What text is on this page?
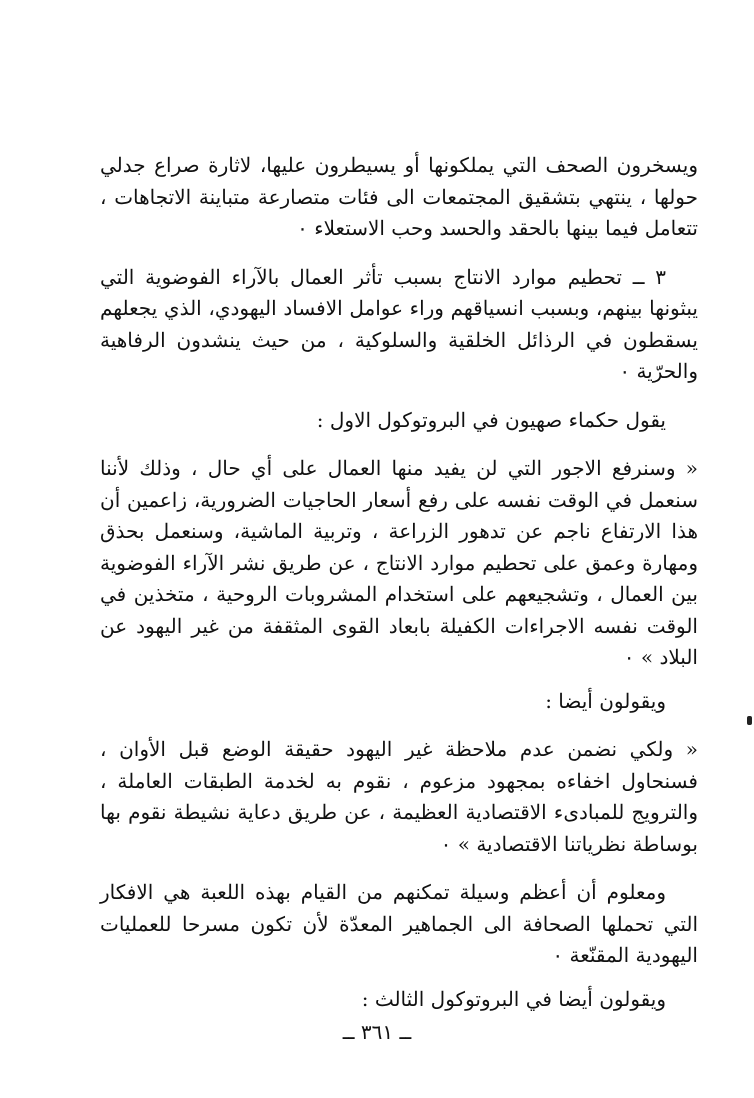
ويسخرون الصحف التي يملكونها أو يسيطرون عليها، لاثارة صراع جدلي حولها ، ينتهي بتشقيق المجتمعات الى فئات متصارعة متباينة الاتجاهات ، تتعامل فيما بينها بالحقد والحسد وحب الاستعلاء ٠

٣ ــ تحطيم موارد الانتاج بسبب تأثر العمال بالآراء الفوضوية التي يبثونها بينهم، وبسبب انسياقهم وراء عوامل الافساد اليهودي، الذي يجعلهم يسقطون في الرذائل الخلقية والسلوكية ، من حيث ينشدون الرفاهية والحرّية ٠

يقول حكماء صهيون في البروتوكول الاول :

« وسنرفع الاجور التي لن يفيد منها العمال على أي حال ، وذلك لأننا سنعمل في الوقت نفسه على رفع أسعار الحاجيات الضرورية، زاعمين أن هذا الارتفاع ناجم عن تدهور الزراعة ، وتربية الماشية، وسنعمل بحذق ومهارة وعمق على تحطيم موارد الانتاج ، عن طريق نشر الآراء الفوضوية بين العمال ، وتشجيعهم على استخدام المشروبات الروحية ، متخذين في الوقت نفسه الاجراءات الكفيلة بابعاد القوى المثقفة من غير اليهود عن البلاد » ٠

ويقولون أيضا :

« ولكي نضمن عدم ملاحظة غير اليهود حقيقة الوضع قبل الأوان ، فسنحاول اخفاءه بمجهود مزعوم ، نقوم به لخدمة الطبقات العاملة ، والترويج للمبادىء الاقتصادية العظيمة ، عن طريق دعاية نشيطة نقوم بها بوساطة نظرياتنا الاقتصادية » ٠

ومعلوم أن أعظم وسيلة تمكنهم من القيام بهذه اللعبة هي الافكار التي تحملها الصحافة الى الجماهير المعدّة لأن تكون مسرحا للعمليات اليهودية المقنّعة ٠

ويقولون أيضا في البروتوكول الثالث :

ــ ٣٦١ ــ
